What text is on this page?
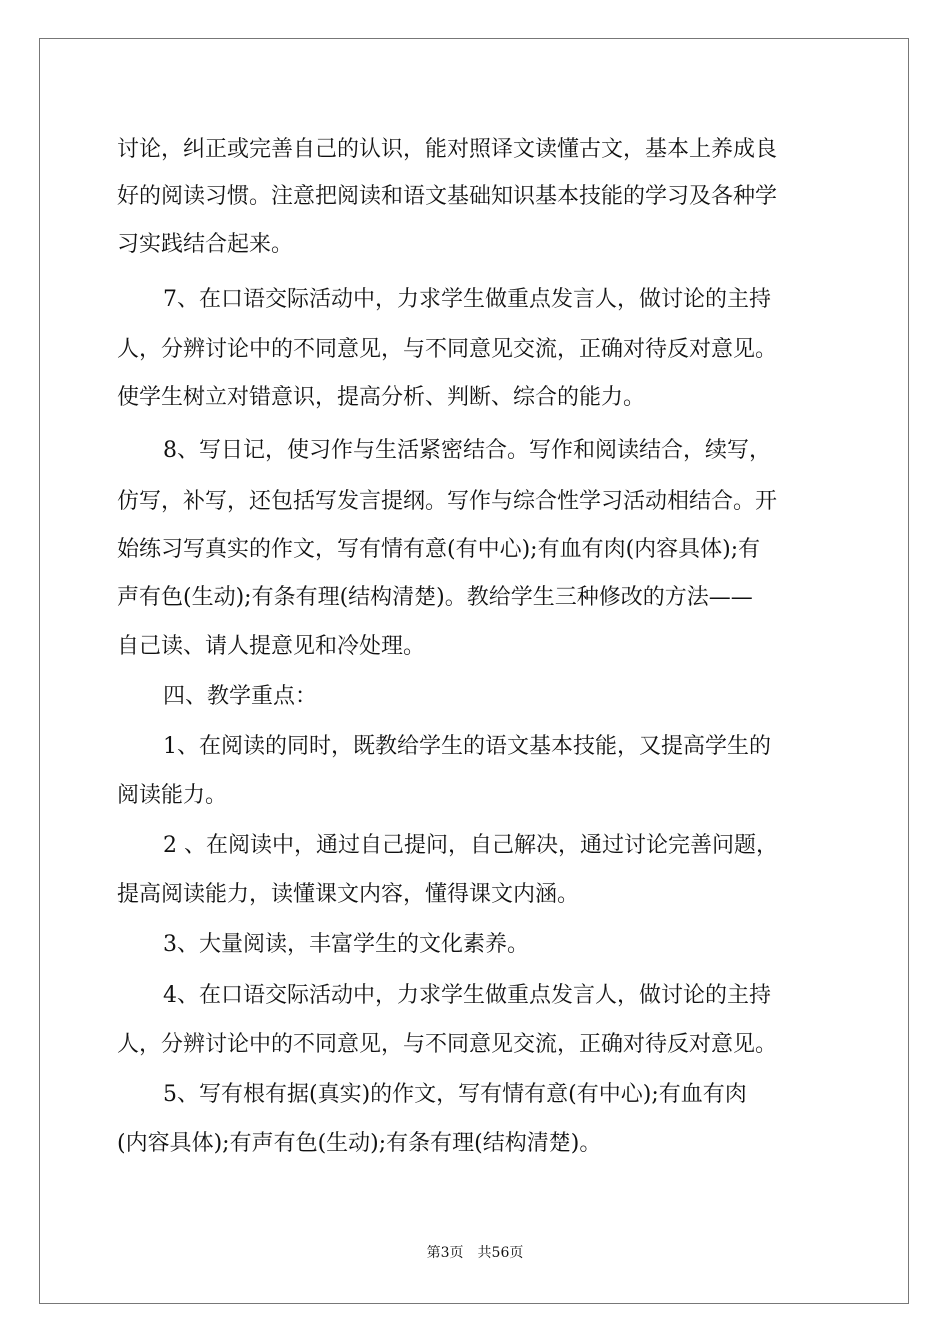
讨论，纠正或完善自己的认识，能对照译文读懂古文，基本上养成良
好的阅读习惯。注意把阅读和语文基础知识基本技能的学习及各种学
习实践结合起来。
7、在口语交际活动中，力求学生做重点发言人，做讨论的主持
人，分辨讨论中的不同意见，与不同意见交流，正确对待反对意见。
使学生树立对错意识，提高分析、判断、综合的能力。
8、写日记，使习作与生活紧密结合。写作和阅读结合，续写，
仿写，补写，还包括写发言提纲。写作与综合性学习活动相结合。开
始练习写真实的作文，写有情有意(有中心);有血有肉(内容具体);有
声有色(生动);有条有理(结构清楚)。教给学生三种修改的方法——
自己读、请人提意见和冷处理。
四、教学重点：
1、在阅读的同时，既教给学生的语文基本技能，又提高学生的
阅读能力。
2 、在阅读中，通过自己提问，自己解决，通过讨论完善问题，
提高阅读能力，读懂课文内容，懂得课文内涵。
3、大量阅读，丰富学生的文化素养。
4、在口语交际活动中，力求学生做重点发言人，做讨论的主持
人，分辨讨论中的不同意见，与不同意见交流，正确对待反对意见。
5、写有根有据(真实)的作文，写有情有意(有中心);有血有肉
(内容具体);有声有色(生动);有条有理(结构清楚)。
第3页 共56页
